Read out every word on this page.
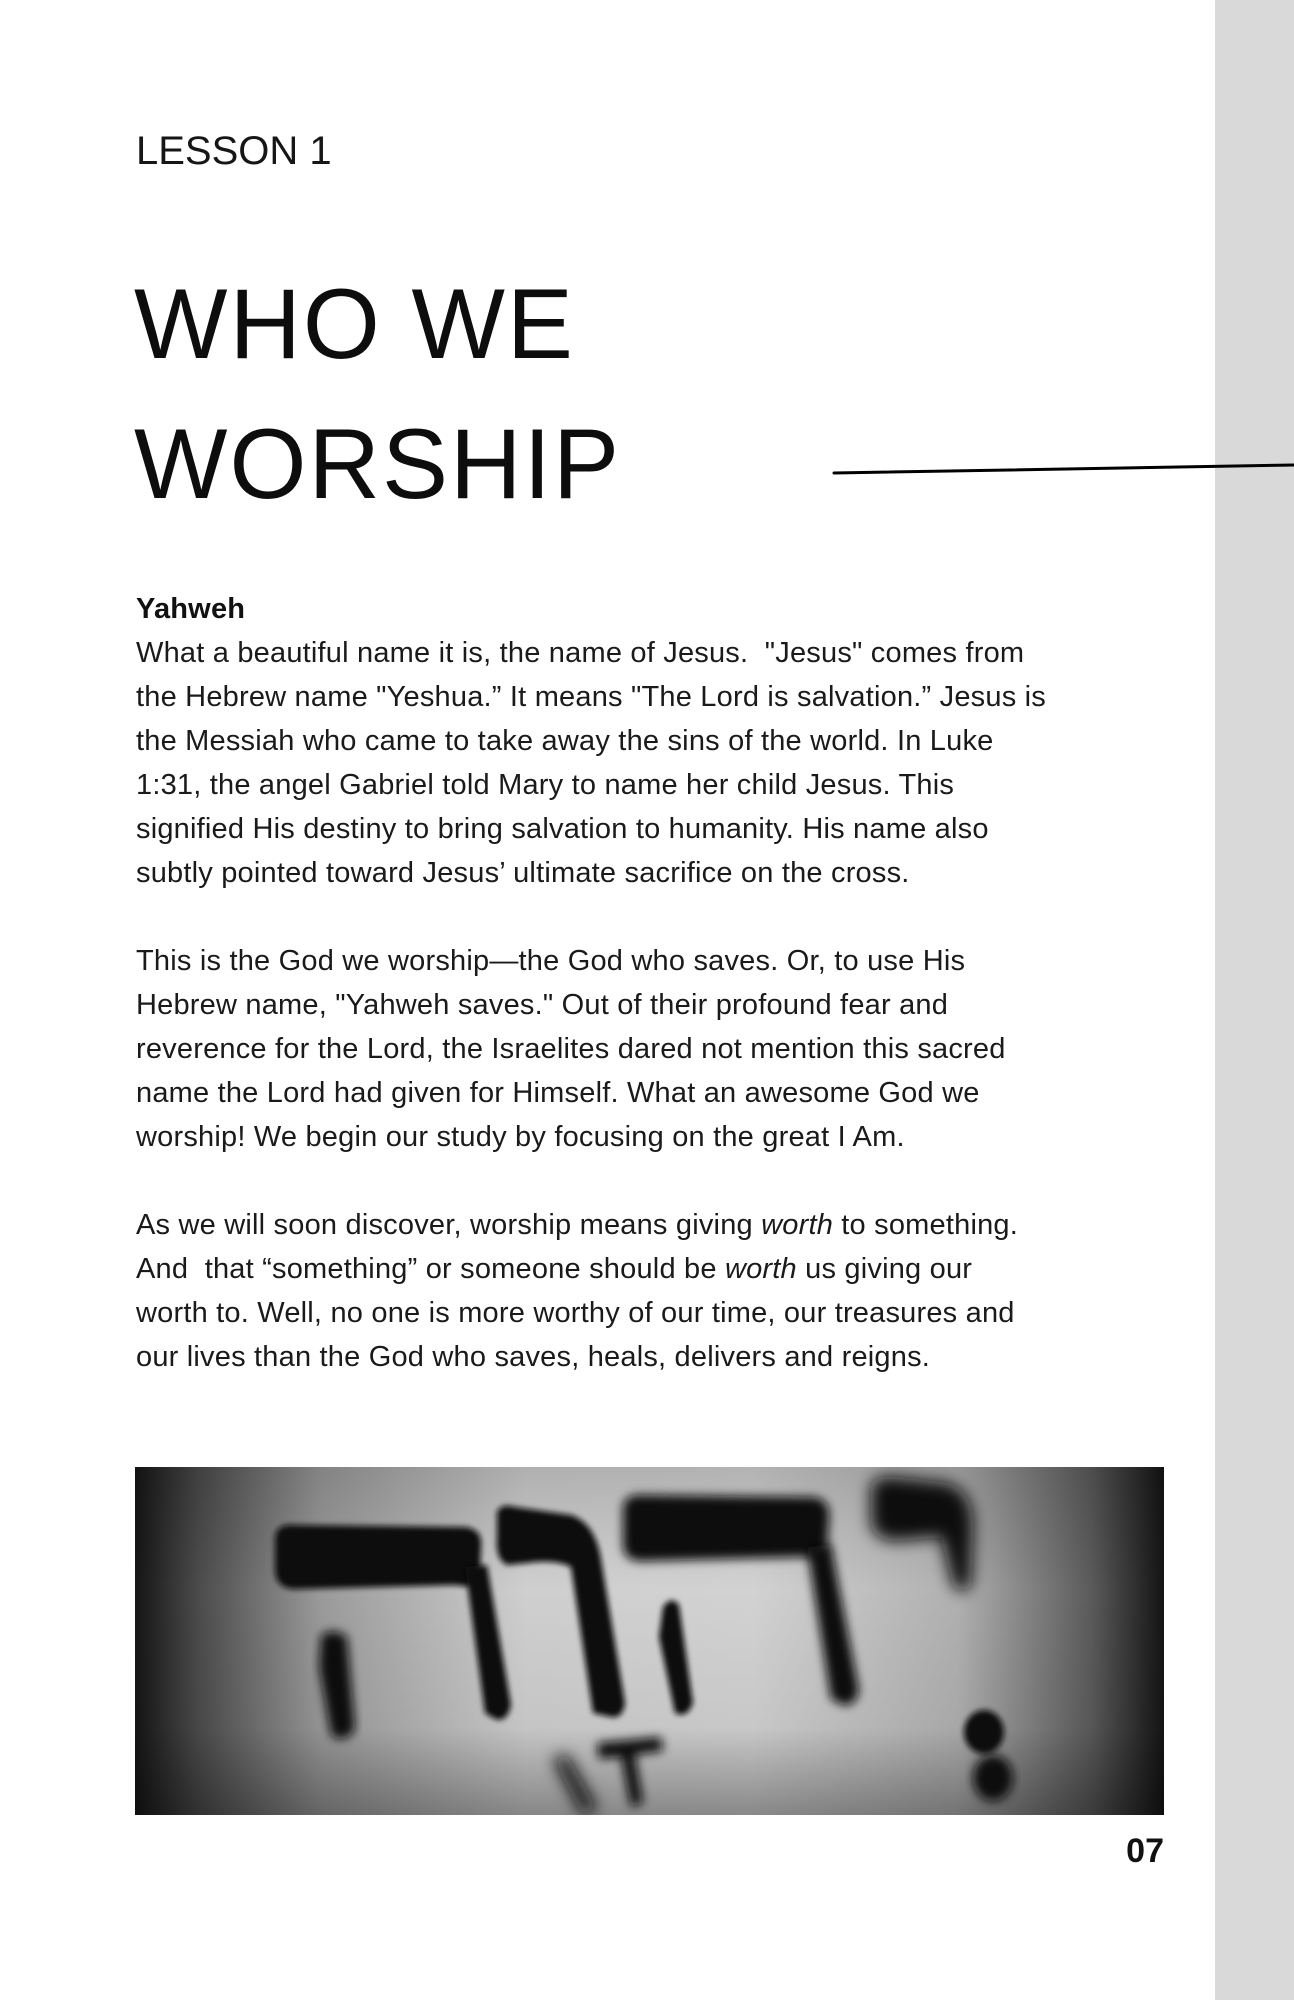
LESSON 1
WHO WE
WORSHIP
Yahweh
What a beautiful name it is, the name of Jesus.  "Jesus" comes from
the Hebrew name "Yeshua.” It means "The Lord is salvation.” Jesus is
the Messiah who came to take away the sins of the world. In Luke
1:31, the angel Gabriel told Mary to name her child Jesus. This
signified His destiny to bring salvation to humanity. His name also
subtly pointed toward Jesus’ ultimate sacrifice on the cross.
This is the God we worship—the God who saves. Or, to use His
Hebrew name, "Yahweh saves." Out of their profound fear and
reverence for the Lord, the Israelites dared not mention this sacred
name the Lord had given for Himself. What an awesome God we
worship! We begin our study by focusing on the great I Am.
As we will soon discover, worship means giving worth to something.
And  that “something” or someone should be worth us giving our
worth to. Well, no one is more worthy of our time, our treasures and
our lives than the God who saves, heals, delivers and reigns.
07
